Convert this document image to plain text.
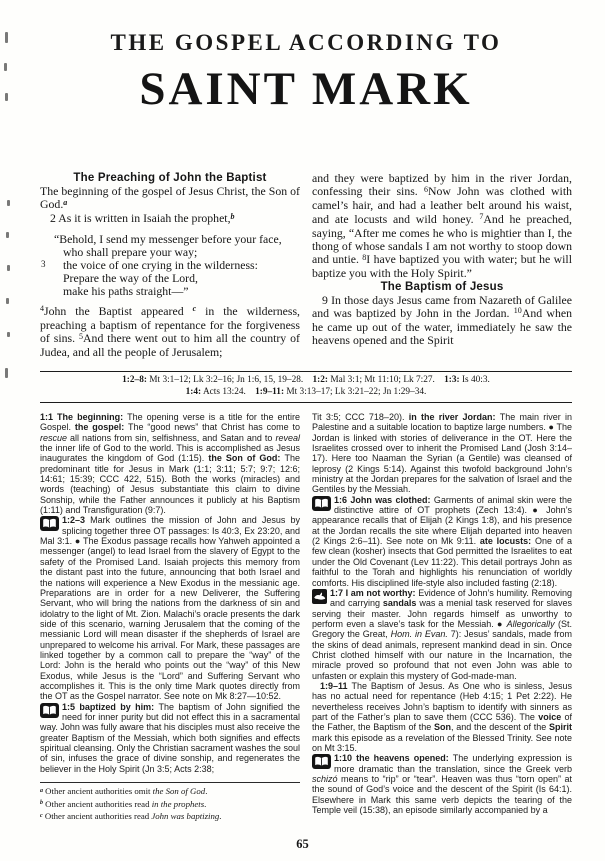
THE GOSPEL ACCORDING TO
SAINT MARK
The Preaching of John the Baptist

The beginning of the gospel of Jesus Christ, the Son of God.$^a$

2 As it is written in Isaiah the prophet,$^b$

3
“Behold, I send my messenger before your face,
who shall prepare your way;
the voice of one crying in the wilderness:
Prepare the way of the Lord,
make his paths straight—”

$^4$John the Baptist appeared $^c$ in the wilderness, preaching a baptism of repentance for the forgiveness of sins. $^5$And there went out to him all the country of Judea, and all the people of Jerusalem;

and they were baptized by him in the river Jordan, confessing their sins. $^6$Now John was clothed with camel’s hair, and had a leather belt around his waist, and ate locusts and wild honey. $^7$And he preached, saying, “After me comes he who is mightier than I, the thong of whose sandals I am not worthy to stoop down and untie. $^8$I have baptized you with water; but he will baptize you with the Holy Spirit.”

The Baptism of Jesus

9 In those days Jesus came from Nazareth of Galilee and was baptized by John in the Jordan. $^{10}$And when he came up out of the water, immediately he saw the heavens opened and the Spirit

1:2–8: Mt 3:1–12; Lk 3:2–16; Jn 1:6, 15, 19–28.  1:2: Mal 3:1; Mt 11:10; Lk 7:27.  1:3: Is 40:3.
1:4: Acts 13:24.  1:9–11: Mt 3:13–17; Lk 3:21–22; Jn 1:29–34.

1:1 The beginning: The opening verse is a title for the entire Gospel. the gospel: The “good news” that Christ has come to rescue all nations from sin, selfishness, and Satan and to reveal the inner life of God to the world. This is accomplished as Jesus inaugurates the kingdom of God (1:15). the Son of God: The predominant title for Jesus in Mark (1:1; 3:11; 5:7; 9:7; 12:6; 14:61; 15:39; CCC 422, 515). Both the works (miracles) and words (teaching) of Jesus substantiate this claim to divine Sonship, while the Father announces it publicly at his Baptism (1:11) and Transfiguration (9:7).

1:2–3 Mark outlines the mission of John and Jesus by splicing together three OT passages: Is 40:3, Ex 23:20, and Mal 3:1. ● The Exodus passage recalls how Yahweh appointed a messenger (angel) to lead Israel from the slavery of Egypt to the safety of the Promised Land. Isaiah projects this memory from the distant past into the future, announcing that both Israel and the nations will experience a New Exodus in the messianic age. Preparations are in order for a new Deliverer, the Suffering Servant, who will bring the nations from the darkness of sin and idolatry to the light of Mt. Zion. Malachi’s oracle presents the dark side of this scenario, warning Jerusalem that the coming of the messianic Lord will mean disaster if the shepherds of Israel are unprepared to welcome his arrival. For Mark, these passages are linked together by a common call to prepare the “way” of the Lord: John is the herald who points out the “way” of this New Exodus, while Jesus is the “Lord” and Suffering Servant who accomplishes it. This is the only time Mark quotes directly from the OT as the Gospel narrator. See note on Mk 8:27—10:52.

1:5 baptized by him: The baptism of John signified the need for inner purity but did not effect this in a sacramental way. John was fully aware that his disciples must also receive the greater Baptism of the Messiah, which both signifies and effects spiritual cleansing. Only the Christian sacrament washes the soul of sin, infuses the grace of divine sonship, and regenerates the believer in the Holy Spirit (Jn 3:5; Acts 2:38;

$^a$ Other ancient authorities omit the Son of God.
$^b$ Other ancient authorities read in the prophets.
$^c$ Other ancient authorities read John was baptizing.

Tit 3:5; CCC 718–20). in the river Jordan: The main river in Palestine and a suitable location to baptize large numbers. ● The Jordan is linked with stories of deliverance in the OT. Here the Israelites crossed over to inherit the Promised Land (Josh 3:14–17). Here too Naaman the Syrian (a Gentile) was cleansed of leprosy (2 Kings 5:14). Against this twofold background John’s ministry at the Jordan prepares for the salvation of Israel and the Gentiles by the Messiah.

1:6 John was clothed: Garments of animal skin were the distinctive attire of OT prophets (Zech 13:4). ● John’s appearance recalls that of Elijah (2 Kings 1:8), and his presence at the Jordan recalls the site where Elijah departed into heaven (2 Kings 2:6–11). See note on Mk 9:11. ate locusts: One of a few clean (kosher) insects that God permitted the Israelites to eat under the Old Covenant (Lev 11:22). This detail portrays John as faithful to the Torah and highlights his renunciation of worldly comforts. His disciplined life-style also included fasting (2:18).

1:7 I am not worthy: Evidence of John’s humility. Removing and carrying sandals was a menial task reserved for slaves serving their master. John regards himself as unworthy to perform even a slave’s task for the Messiah. ● Allegorically (St. Gregory the Great, Hom. in Evan. 7): Jesus’ sandals, made from the skins of dead animals, represent mankind dead in sin. Once Christ clothed himself with our nature in the Incarnation, the miracle proved so profound that not even John was able to unfasten or explain this mystery of God-made-man.

1:9–11 The Baptism of Jesus. As One who is sinless, Jesus has no actual need for repentance (Heb 4:15; 1 Pet 2:22). He nevertheless receives John’s baptism to identify with sinners as part of the Father’s plan to save them (CCC 536). The voice of the Father, the Baptism of the Son, and the descent of the Spirit mark this episode as a revelation of the Blessed Trinity. See note on Mt 3:15.

1:10 the heavens opened: The underlying expression is more dramatic than the translation, since the Greek verb schizó means to “rip” or “tear”. Heaven was thus “torn open” at the sound of God’s voice and the descent of the Spirit (Is 64:1). Elsewhere in Mark this same verb depicts the tearing of the Temple veil (15:38), an episode similarly accompanied by a

65
